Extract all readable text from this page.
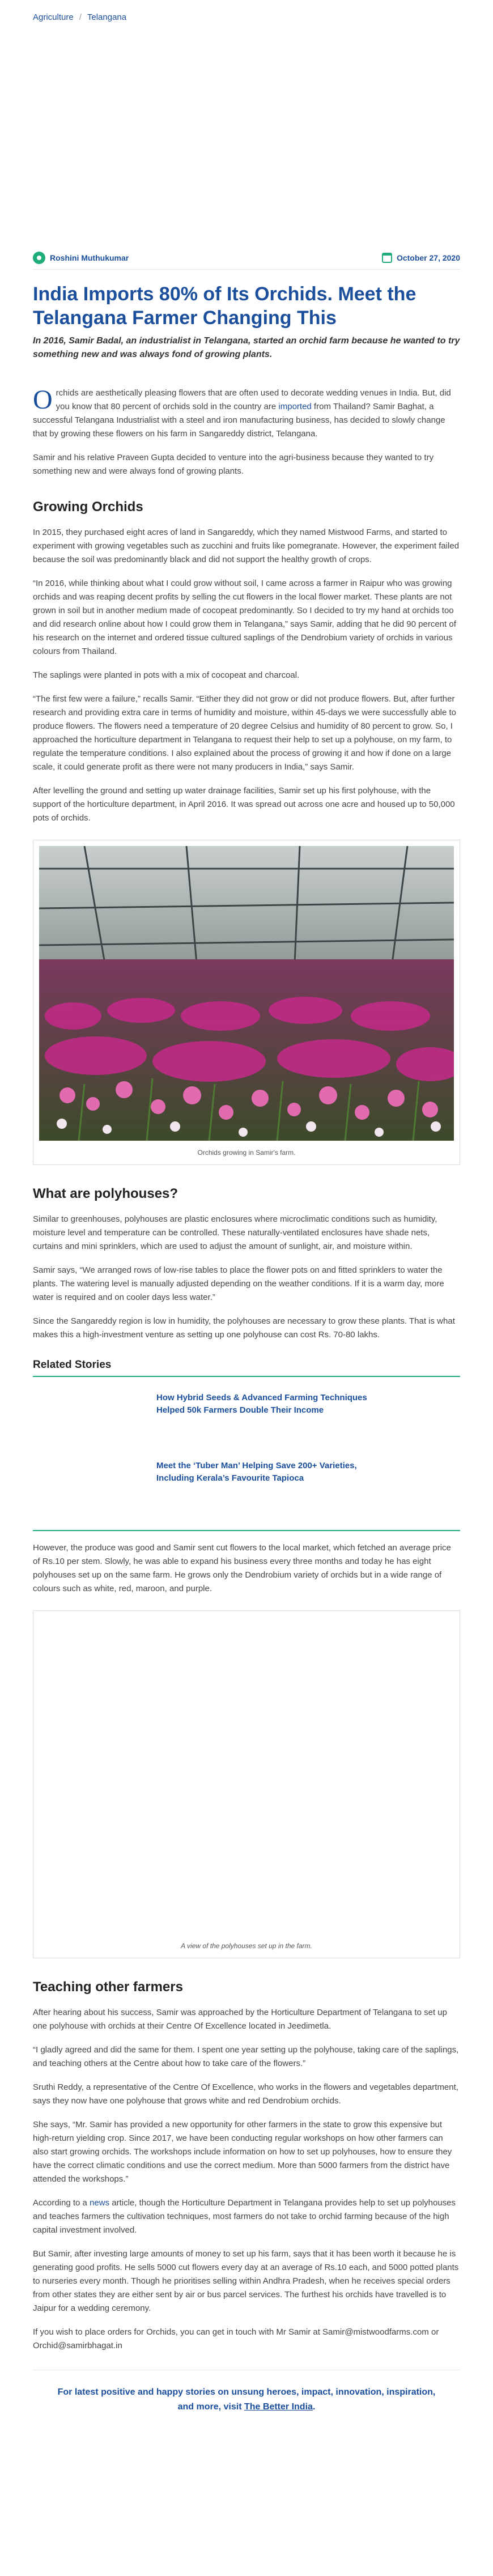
Agriculture / Telangana
Roshini Muthukumar	October 27, 2020
India Imports 80% of Its Orchids. Meet the Telangana Farmer Changing This

In 2016, Samir Badal, an industrialist in Telangana, started an orchid farm because he wanted to try something new and was always fond of growing plants.

Orchids are aesthetically pleasing flowers that are often used to decorate wedding venues in India. But, did you know that 80 percent of orchids sold in the country are imported from Thailand? Samir Baghat, a successful Telangana Industrialist with a steel and iron manufacturing business, has decided to slowly change that by growing these flowers on his farm in Sangareddy district, Telangana.

Samir and his relative Praveen Gupta decided to venture into the agri-business because they wanted to try something new and were always fond of growing plants.

Growing Orchids

In 2015, they purchased eight acres of land in Sangareddy, which they named Mistwood Farms, and started to experiment with growing vegetables such as zucchini and fruits like pomegranate. However, the experiment failed because the soil was predominantly black and did not support the healthy growth of crops.

“In 2016, while thinking about what I could grow without soil, I came across a farmer in Raipur who was growing orchids and was reaping decent profits by selling the cut flowers in the local flower market. These plants are not grown in soil but in another medium made of cocopeat predominantly. So I decided to try my hand at orchids too and did research online about how I could grow them in Telangana,” says Samir, adding that he did 90 percent of his research on the internet and ordered tissue cultured saplings of the Dendrobium variety of orchids in various colours from Thailand.

The saplings were planted in pots with a mix of cocopeat and charcoal.

“The first few were a failure,” recalls Samir. “Either they did not grow or did not produce flowers. But, after further research and providing extra care in terms of humidity and moisture, within 45-days we were successfully able to produce flowers. The flowers need a temperature of 20 degree Celsius and humidity of 80 percent to grow. So, I approached the horticulture department in Telangana to request their help to set up a polyhouse, on my farm, to regulate the temperature conditions. I also explained about the process of growing it and how if done on a large scale, it could generate profit as there were not many producers in India,” says Samir.

After levelling the ground and setting up water drainage facilities, Samir set up his first polyhouse, with the support of the horticulture department, in April 2016. It was spread out across one acre and housed up to 50,000 pots of orchids.

Orchids growing in Samir's farm.
What are polyhouses?

Similar to greenhouses, polyhouses are plastic enclosures where microclimatic conditions such as humidity, moisture level and temperature can be controlled. These naturally-ventilated enclosures have shade nets, curtains and mini sprinklers, which are used to adjust the amount of sunlight, air, and moisture within.

Samir says, “We arranged rows of low-rise tables to place the flower pots on and fitted sprinklers to water the plants. The watering level is manually adjusted depending on the weather conditions. If it is a warm day, more water is required and on cooler days less water.”

Since the Sangareddy region is low in humidity, the polyhouses are necessary to grow these plants. That is what makes this a high-investment venture as setting up one polyhouse can cost Rs. 70-80 lakhs.

Related Stories
How Hybrid Seeds & Advanced Farming Techniques Helped 50k Farmers Double Their Income
Meet the ‘Tuber Man’ Helping Save 200+ Varieties, Including Kerala’s Favourite Tapioca

However, the produce was good and Samir sent cut flowers to the local market, which fetched an average price of Rs.10 per stem. Slowly, he was able to expand his business every three months and today he has eight polyhouses set up on the same farm. He grows only the Dendrobium variety of orchids but in a wide range of colours such as white, red, maroon, and purple.

A view of the polyhouses set up in the farm.
Teaching other farmers

After hearing about his success, Samir was approached by the Horticulture Department of Telangana to set up one polyhouse with orchids at their Centre Of Excellence located in Jeedimetla.

“I gladly agreed and did the same for them. I spent one year setting up the polyhouse, taking care of the saplings, and teaching others at the Centre about how to take care of the flowers.”

Sruthi Reddy, a representative of the Centre Of Excellence, who works in the flowers and vegetables department, says they now have one polyhouse that grows white and red Dendrobium orchids.

She says, “Mr. Samir has provided a new opportunity for other farmers in the state to grow this expensive but high-return yielding crop. Since 2017, we have been conducting regular workshops on how other farmers can also start growing orchids. The workshops include information on how to set up polyhouses, how to ensure they have the correct climatic conditions and use the correct medium. More than 5000 farmers from the district have attended the workshops.”

According to a news article, though the Horticulture Department in Telangana provides help to set up polyhouses and teaches farmers the cultivation techniques, most farmers do not take to orchid farming because of the high capital investment involved.

But Samir, after investing large amounts of money to set up his farm, says that it has been worth it because he is generating good profits. He sells 5000 cut flowers every day at an average of Rs.10 each, and 5000 potted plants to nurseries every month. Though he prioritises selling within Andhra Pradesh, when he receives special orders from other states they are either sent by air or bus parcel services. The furthest his orchids have travelled is to Jaipur for a wedding ceremony.

If you wish to place orders for Orchids, you can get in touch with Mr Samir at Samir@mistwoodfarms.com or Orchid@samirbhagat.in

For latest positive and happy stories on unsung heroes, impact, innovation, inspiration, and more, visit The Better India.
